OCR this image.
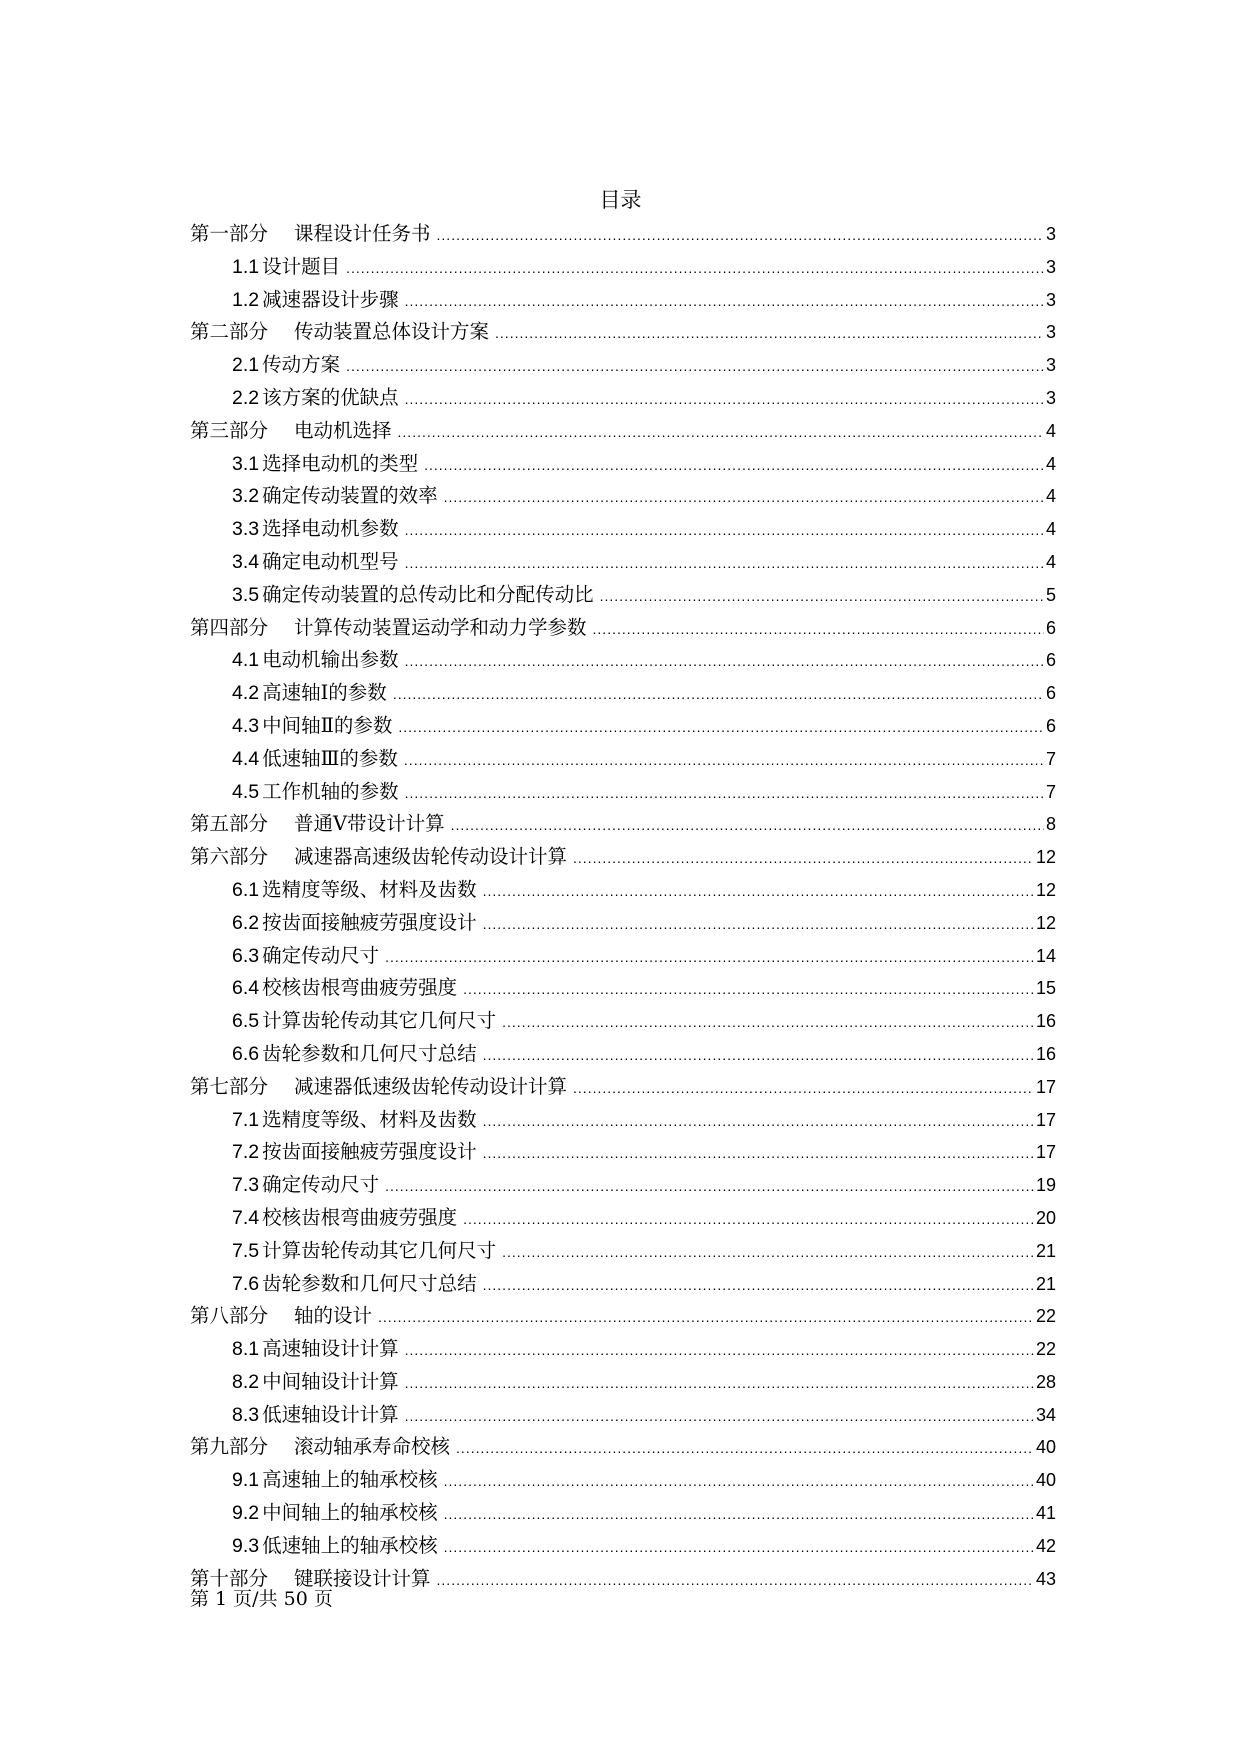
目录
第一部分 课程设计任务书 .....	3
1.1 设计题目 .....	3
1.2 减速器设计步骤 .....	3
第二部分 传动装置总体设计方案 .....	3
2.1 传动方案 .....	3
2.2 该方案的优缺点 .....	3
第三部分 电动机选择 .....	4
3.1 选择电动机的类型 .....	4
3.2 确定传动装置的效率 .....	4
3.3 选择电动机参数 .....	4
3.4 确定电动机型号 .....	4
3.5 确定传动装置的总传动比和分配传动比 .....	5
第四部分 计算传动装置运动学和动力学参数 .....	6
4.1 电动机输出参数 .....	6
4.2 高速轴Ⅰ的参数 .....	6
4.3 中间轴Ⅱ的参数 .....	6
4.4 低速轴Ⅲ的参数 .....	7
4.5 工作机轴的参数 .....	7
第五部分 普通V带设计计算 .....	8
第六部分 减速器高速级齿轮传动设计计算 .....	12
6.1 选精度等级、材料及齿数 .....	12
6.2 按齿面接触疲劳强度设计 .....	12
6.3 确定传动尺寸 .....	14
6.4 校核齿根弯曲疲劳强度 .....	15
6.5 计算齿轮传动其它几何尺寸 .....	16
6.6 齿轮参数和几何尺寸总结 .....	16
第七部分 减速器低速级齿轮传动设计计算 .....	17
7.1 选精度等级、材料及齿数 .....	17
7.2 按齿面接触疲劳强度设计 .....	17
7.3 确定传动尺寸 .....	19
7.4 校核齿根弯曲疲劳强度 .....	20
7.5 计算齿轮传动其它几何尺寸 .....	21
7.6 齿轮参数和几何尺寸总结 .....	21
第八部分 轴的设计 .....	22
8.1 高速轴设计计算 .....	22
8.2 中间轴设计计算 .....	28
8.3 低速轴设计计算 .....	34
第九部分 滚动轴承寿命校核 .....	40
9.1 高速轴上的轴承校核 .....	40
9.2 中间轴上的轴承校核 .....	41
9.3 低速轴上的轴承校核 .....	42
第十部分 键联接设计计算 .....	43
第 1 页/共 50 页
